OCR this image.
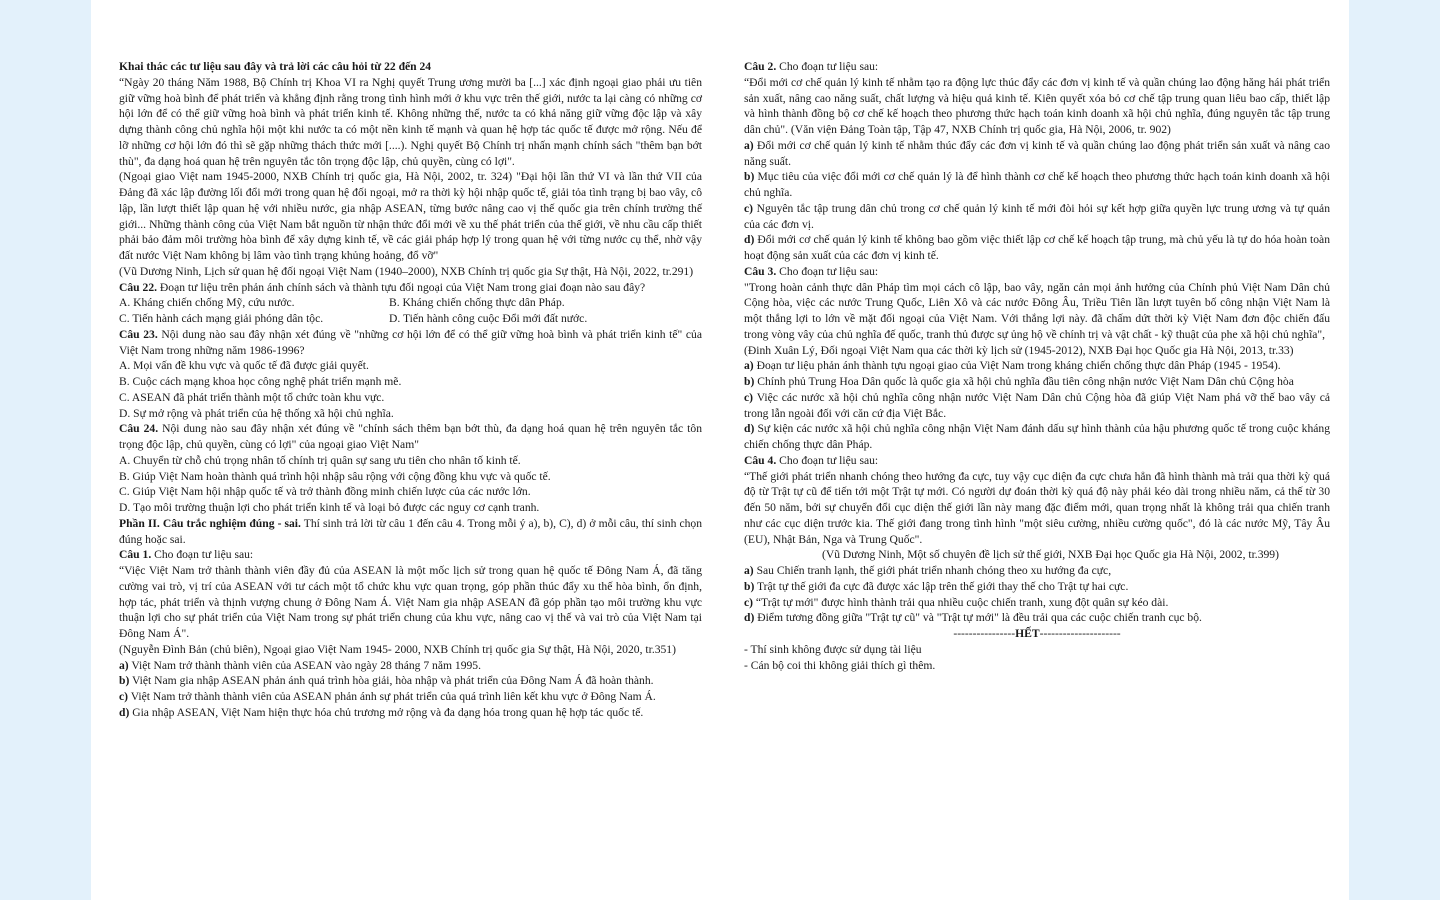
Khai thác các tư liệu sau đây và trả lời các câu hỏi từ 22 đến 24

“Ngày 20 tháng Năm 1988, Bộ Chính trị Khoa VI ra Nghị quyết Trung ương mười ba [...] xác định ngoại giao phải ưu tiên giữ vững hoà bình để phát triển và khẳng định rằng trong tình hình mới ở khu vực trên thế giới, nước ta lại càng có những cơ hội lớn để có thể giữ vững hoà bình và phát triển kinh tế. Không những thế, nước ta có khả năng giữ vững độc lập và xây dựng thành công chủ nghĩa hội một khi nước ta có một nền kinh tế mạnh và quan hệ hợp tác quốc tế được mở rộng. Nếu để lỡ những cơ hội lớn đó thì sẽ gặp những thách thức mới [....). Nghị quyết Bộ Chính trị nhấn mạnh chính sách "thêm bạn bớt thù", đa dạng hoá quan hệ trên nguyên tắc tôn trọng độc lập, chủ quyền, cùng có lợi".

(Ngoại giao Việt nam 1945-2000, NXB Chính trị quốc gia, Hà Nội, 2002, tr. 324) "Đại hội lần thứ VI và lần thứ VII của Đảng đã xác lập đường lối đổi mới trong quan hệ đối ngoại, mở ra thời kỳ hội nhập quốc tế, giải tỏa tình trạng bị bao vây, cô lập, lần lượt thiết lập quan hệ với nhiều nước, gia nhập ASEAN, từng bước nâng cao vị thế quốc gia trên chính trường thế giới... Những thành công của Việt Nam bắt nguồn từ nhận thức đổi mới về xu thế phát triển của thế giới, về nhu cầu cấp thiết phải bảo đảm môi trường hòa bình để xây dựng kinh tế, về các giải pháp hợp lý trong quan hệ với từng nước cụ thể, nhờ vậy đất nước Việt Nam không bị lâm vào tình trạng khủng hoảng, đổ vỡ"

(Vũ Dương Ninh, Lịch sử quan hệ đối ngoại Việt Nam (1940–2000), NXB Chính trị quốc gia Sự thật, Hà Nội, 2022, tr.291)

Câu 22. Đoạn tư liệu trên phản ánh chính sách và thành tựu đối ngoại của Việt Nam trong giai đoạn nào sau đây?

A. Kháng chiến chống Mỹ, cứu nước.	B. Kháng chiến chống thực dân Pháp.
C. Tiến hành cách mạng giải phóng dân tộc.	D. Tiến hành công cuộc Đổi mới đất nước.

Câu 23. Nội dung nào sau đây nhận xét đúng về "những cơ hội lớn để có thể giữ vững hoà bình và phát triển kinh tế" của Việt Nam trong những năm 1986-1996?

A. Mọi vấn đề khu vực và quốc tế đã được giải quyết.

B. Cuộc cách mạng khoa học công nghệ phát triển mạnh mẽ.

C. ASEAN đã phát triển thành một tổ chức toàn khu vực.

D. Sự mở rộng và phát triển của hệ thống xã hội chủ nghĩa.

Câu 24. Nội dung nào sau đây nhận xét đúng về "chính sách thêm bạn bớt thù, đa dạng hoá quan hệ trên nguyên tắc tôn trọng độc lập, chủ quyền, cùng có lợi" của ngoại giao Việt Nam"

A. Chuyển từ chỗ chủ trọng nhân tố chính trị quân sự sang ưu tiên cho nhân tố kinh tế.

B. Giúp Việt Nam hoàn thành quá trình hội nhập sâu rộng với cộng đồng khu vực và quốc tế.

C. Giúp Việt Nam hội nhập quốc tế và trở thành đồng minh chiến lược của các nước lớn.

D. Tạo môi trường thuận lợi cho phát triển kinh tế và loại bỏ được các nguy cơ cạnh tranh.

Phần II. Câu trắc nghiệm đúng - sai. Thí sinh trả lời từ câu 1 đến câu 4. Trong mỗi ý a), b), C), d) ở mỗi câu, thí sinh chọn đúng hoặc sai.

Câu 1. Cho đoạn tư liệu sau:

“Việc Việt Nam trở thành thành viên đầy đủ của ASEAN là một mốc lịch sử trong quan hệ quốc tế Đông Nam Á, đã tăng cường vai trò, vị trí của ASEAN với tư cách một tổ chức khu vực quan trọng, góp phần thúc đẩy xu thế hòa bình, ổn định, hợp tác, phát triển và thịnh vượng chung ở Đông Nam Á. Việt Nam gia nhập ASEAN đã góp phần tạo môi trường khu vực thuận lợi cho sự phát triển của Việt Nam trong sự phát triển chung của khu vực, nâng cao vị thế và vai trò của Việt Nam tại Đông Nam Á".

(Nguyễn Đình Bản (chủ biên), Ngoại giao Việt Nam 1945- 2000, NXB Chính trị quốc gia Sự thật, Hà Nội, 2020, tr.351)

a) Việt Nam trở thành thành viên của ASEAN vào ngày 28 tháng 7 năm 1995.

b) Việt Nam gia nhập ASEAN phản ánh quá trình hòa giải, hòa nhập và phát triển của Đông Nam Á đã hoàn thành.

c) Việt Nam trở thành thành viên của ASEAN phản ánh sự phát triển của quá trình liên kết khu vực ở Đông Nam Á.

d) Gia nhập ASEAN, Việt Nam hiện thực hóa chủ trương mở rộng và đa dạng hóa trong quan hệ hợp tác quốc tế.

Câu 2. Cho đoạn tư liệu sau:

“Đổi mới cơ chế quản lý kinh tế nhằm tạo ra động lực thúc đẩy các đơn vị kinh tế và quần chúng lao động hăng hái phát triển sản xuất, nâng cao năng suất, chất lượng và hiệu quả kinh tế. Kiên quyết xóa bỏ cơ chế tập trung quan liêu bao cấp, thiết lập và hình thành đồng bộ cơ chế kế hoạch theo phương thức hạch toán kinh doanh xã hội chủ nghĩa, đúng nguyên tắc tập trung dân chủ". (Văn viện Đảng Toàn tập, Tập 47, NXB Chính trị quốc gia, Hà Nội, 2006, tr. 902)

a) Đổi mới cơ chế quản lý kinh tế nhằm thúc đẩy các đơn vị kinh tế và quần chúng lao động phát triển sản xuất và nâng cao năng suất.

b) Mục tiêu của việc đổi mới cơ chế quản lý là để hình thành cơ chế kế hoạch theo phương thức hạch toán kinh doanh xã hội chủ nghĩa.

c) Nguyên tắc tập trung dân chủ trong cơ chế quản lý kinh tế mới đòi hỏi sự kết hợp giữa quyền lực trung ương và tự quản của các đơn vị.

d) Đổi mới cơ chế quản lý kinh tế không bao gồm việc thiết lập cơ chế kế hoạch tập trung, mà chủ yếu là tự do hóa hoàn toàn hoạt động sản xuất của các đơn vị kinh tế.

Câu 3. Cho đoạn tư liệu sau:

"Trong hoàn cảnh thực dân Pháp tìm mọi cách cô lập, bao vây, ngăn cản mọi ảnh hưởng của Chính phủ Việt Nam Dân chủ Cộng hòa, việc các nước Trung Quốc, Liên Xô và các nước Đông Âu, Triều Tiên lần lượt tuyên bố công nhận Việt Nam là một thắng lợi to lớn về mặt đối ngoại của Việt Nam. Với thắng lợi này. đã chấm dứt thời kỳ Việt Nam đơn độc chiến đấu trong vòng vây của chủ nghĩa đế quốc, tranh thủ được sự ủng hộ về chính trị và vật chất - kỹ thuật của phe xã hội chủ nghĩa",

(Đinh Xuân Lý, Đối ngoại Việt Nam qua các thời kỳ lịch sử (1945-2012), NXB Đại học Quốc gia Hà Nội, 2013, tr.33)

a) Đoạn tư liệu phản ánh thành tựu ngoại giao của Việt Nam trong kháng chiến chống thực dân Pháp (1945 - 1954).

b) Chính phủ Trung Hoa Dân quốc là quốc gia xã hội chủ nghĩa đầu tiên công nhận nước Việt Nam Dân chủ Cộng hòa

c) Việc các nước xã hội chủ nghĩa công nhận nước Việt Nam Dân chủ Cộng hòa đã giúp Việt Nam phá vỡ thế bao vây cả trong lẫn ngoài đối với căn cứ địa Việt Bắc.

d) Sự kiện các nước xã hội chủ nghĩa công nhận Việt Nam đánh dấu sự hình thành của hậu phương quốc tế trong cuộc kháng chiến chống thực dân Pháp.

Câu 4. Cho đoạn tư liệu sau:

“Thế giới phát triển nhanh chóng theo hướng đa cực, tuy vậy cục diện đa cực chưa hẳn đã hình thành mà trải qua thời kỳ quá độ từ Trật tự cũ để tiến tới một Trật tự mới. Có người dự đoán thời kỳ quá độ này phải kéo dài trong nhiều năm, cả thế từ 30 đến 50 năm, bởi sự chuyển đổi cục diện thế giới lần này mang đặc điểm mới, quan trọng nhất là không trải qua chiến tranh như các cục diện trước kia. Thế giới đang trong tình hình "một siêu cường, nhiều cường quốc", đó là các nước Mỹ, Tây Âu (EU), Nhật Bản, Nga và Trung Quốc".

(Vũ Dương Ninh, Một số chuyên đề lịch sử thế giới, NXB Đại học Quốc gia Hà Nội, 2002, tr.399)

a) Sau Chiến tranh lạnh, thế giới phát triển nhanh chóng theo xu hướng đa cực,

b) Trật tự thế giới đa cực đã được xác lập trên thế giới thay thế cho Trật tự hai cực.

c) “Trật tự mới" được hình thành trải qua nhiều cuộc chiến tranh, xung đột quân sự kéo dài.

d) Điểm tương đồng giữa "Trật tự cũ" và "Trật tự mới" là đều trải qua các cuộc chiến tranh cục bộ.

----------------HẾT---------------------

- Thí sinh không được sử dụng tài liệu

- Cán bộ coi thi không giải thích gì thêm.
